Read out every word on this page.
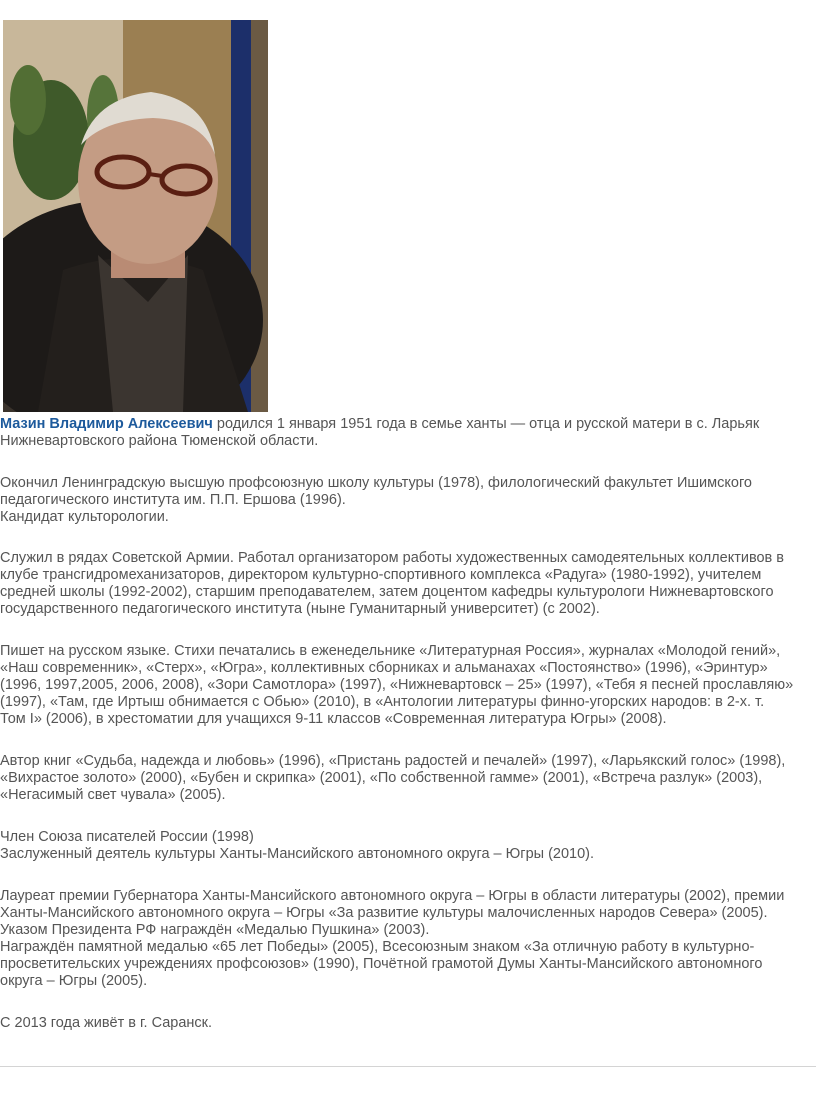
Мазин Владимир Алексеевич родился 1 января 1951 года в семье ханты — отца и русской матери в с. Ларьяк
Нижневартовского района Тюменской области.

Окончил Ленинградскую высшую профсоюзную школу культуры (1978), филологический факультет Ишимского
педагогического института им. П.П. Ершова (1996).
Кандидат культорологии.

Служил в рядах Советской Армии. Работал организатором работы художественных самодеятельных коллективов в
клубе трансгидромеханизаторов, директором культурно-спортивного комплекса «Радуга» (1980-1992), учителем
средней школы (1992-2002), старшим преподавателем, затем доцентом кафедры культурологи Нижневартовского
государственного педагогического института (ныне Гуманитарный университет) (с 2002).

Пишет на русском языке. Стихи печатались в еженедельнике «Литературная Россия», журналах «Молодой гений»,
«Наш современник», «Стерх», «Югра», коллективных сборниках и альманахах «Постоянство» (1996), «Эринтур»
(1996, 1997,2005, 2006, 2008), «Зори Самотлора» (1997), «Нижневартовск – 25» (1997), «Тебя я песней прославляю»
(1997), «Там, где Иртыш обнимается с Обью» (2010), в «Антологии литературы финно-угорских народов: в 2-х. т.
Том I» (2006), в хрестоматии для учащихся 9-11 классов «Современная литература Югры» (2008).

Автор книг «Судьба, надежда и любовь» (1996), «Пристань радостей и печалей» (1997), «Ларьякский голос» (1998),
«Вихрастое золото» (2000), «Бубен и скрипка» (2001), «По собственной гамме» (2001), «Встреча разлук» (2003),
«Негасимый свет чувала» (2005).

Член Союза писателей России (1998)
Заслуженный деятель культуры Ханты-Мансийского автономного округа – Югры (2010).

Лауреат премии Губернатора Ханты-Мансийского автономного округа – Югры в области литературы (2002), премии
Ханты-Мансийского автономного округа – Югры «За развитие культуры малочисленных народов Севера» (2005).
Указом Президента РФ награждён «Медалью Пушкина» (2003).
Награждён памятной медалью «65 лет Победы» (2005), Всесоюзным знаком «За отличную работу в культурно-
просветительских учреждениях профсоюзов» (1990), Почётной грамотой Думы Ханты-Мансийского автономного
округа – Югры (2005).

С 2013 года живёт в г. Саранск.
